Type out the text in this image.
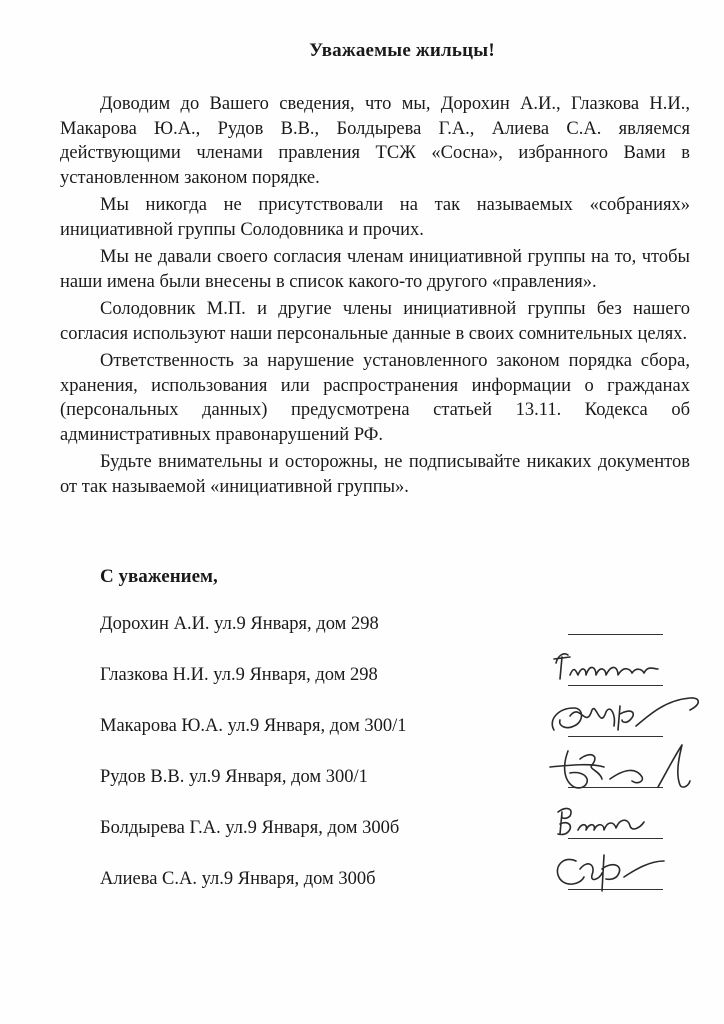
Уважаемые жильцы!

Доводим до Вашего сведения, что мы, Дорохин А.И., Глазкова Н.И., Макарова Ю.А., Рудов В.В., Болдырева Г.А., Алиева С.А. являемся действующими членами правления ТСЖ «Сосна», избранного Вами в установленном законом порядке.

Мы никогда не присутствовали на так называемых «собраниях» инициативной группы Солодовника и прочих.

Мы не давали своего согласия членам инициативной группы на то, чтобы наши имена были внесены в список какого-то другого «правления».

Солодовник М.П. и другие члены инициативной группы без нашего согласия используют наши персональные данные в своих сомнительных целях.

Ответственность за нарушение установленного законом порядка сбора, хранения, использования или распространения информации о гражданах (персональных данных) предусмотрена статьей 13.11. Кодекса об административных правонарушений РФ.

Будьте внимательны и осторожны, не подписывайте никаких документов от так называемой «инициативной группы».

С уважением,
Дорохин А.И. ул.9 Января, дом 298
Глазкова Н.И. ул.9 Января, дом 298
Макарова Ю.А. ул.9 Января, дом 300/1
Рудов В.В. ул.9 Января, дом 300/1
Болдырева Г.А. ул.9 Января, дом 300б
Алиева С.А. ул.9 Января, дом 300б
